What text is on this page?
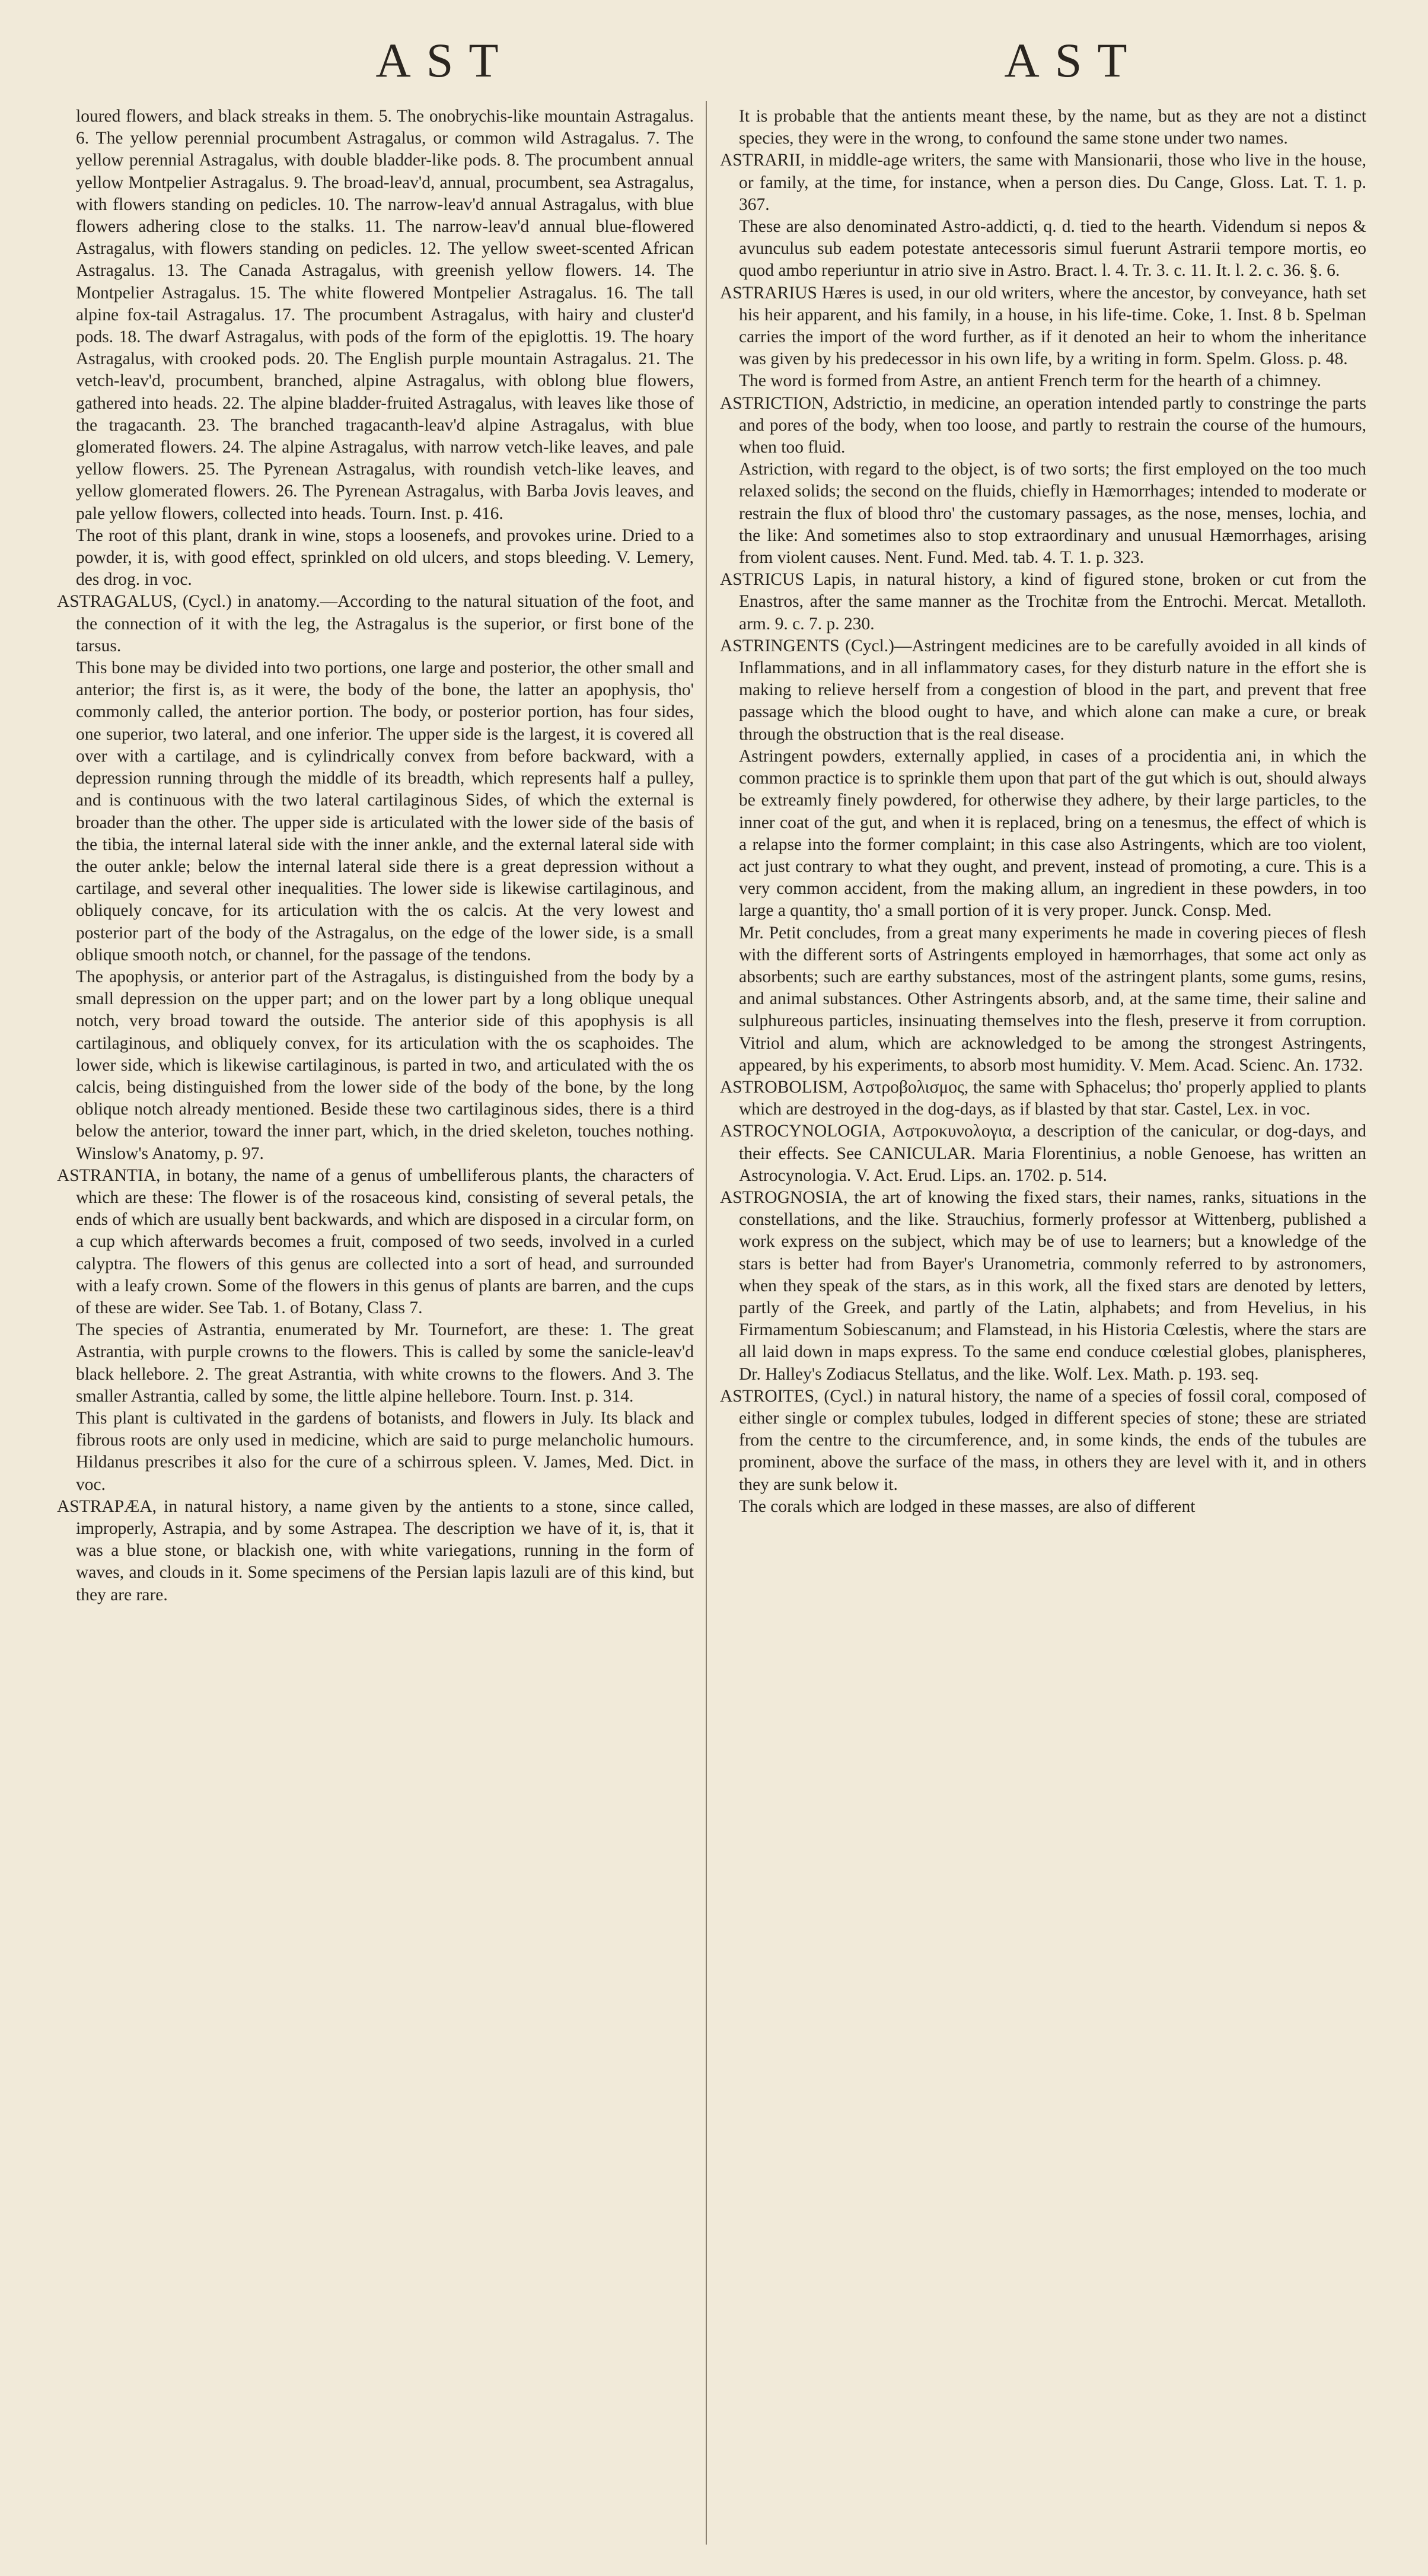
AST	AST

loured flowers, and black streaks in them. 5. The onobrychis-like mountain Astragalus. 6. The yellow perennial procumbent Astragalus, or common wild Astragalus. 7. The yellow perennial Astragalus, with double bladder-like pods. 8. The procumbent annual yellow Montpelier Astragalus. 9. The broad-leav'd, annual, procumbent, sea Astragalus, with flowers standing on pedicles. 10. The narrow-leav'd annual Astragalus, with blue flowers adhering close to the stalks. 11. The narrow-leav'd annual blue-flowered Astragalus, with flowers standing on pedicles. 12. The yellow sweet-scented African Astragalus. 13. The Canada Astragalus, with greenish yellow flowers. 14. The Montpelier Astragalus. 15. The white flowered Montpelier Astragalus. 16. The tall alpine fox-tail Astragalus. 17. The procumbent Astragalus, with hairy and cluster'd pods. 18. The dwarf Astragalus, with pods of the form of the epiglottis. 19. The hoary Astragalus, with crooked pods. 20. The English purple mountain Astragalus. 21. The vetch-leav'd, procumbent, branched, alpine Astragalus, with oblong blue flowers, gathered into heads. 22. The alpine bladder-fruited Astragalus, with leaves like those of the tragacanth. 23. The branched tragacanth-leav'd alpine Astragalus, with blue glomerated flowers. 24. The alpine Astragalus, with narrow vetch-like leaves, and pale yellow flowers. 25. The Pyrenean Astragalus, with roundish vetch-like leaves, and yellow glomerated flowers. 26. The Pyrenean Astragalus, with Barba Jovis leaves, and pale yellow flowers, collected into heads. Tourn. Inst. p. 416.

The root of this plant, drank in wine, stops a loosenefs, and provokes urine. Dried to a powder, it is, with good effect, sprinkled on old ulcers, and stops bleeding. V. Lemery, des drog. in voc.

ASTRAGALUS, (Cycl.) in anatomy.—According to the natural situation of the foot, and the connection of it with the leg, the Astragalus is the superior, or first bone of the tarsus.

This bone may be divided into two portions, one large and posterior, the other small and anterior; the first is, as it were, the body of the bone, the latter an apophysis, tho' commonly called, the anterior portion. The body, or posterior portion, has four sides, one superior, two lateral, and one inferior. The upper side is the largest, it is covered all over with a cartilage, and is cylindrically convex from before backward, with a depression running through the middle of its breadth, which represents half a pulley, and is continuous with the two lateral cartilaginous Sides, of which the external is broader than the other. The upper side is articulated with the lower side of the basis of the tibia, the internal lateral side with the inner ankle, and the external lateral side with the outer ankle; below the internal lateral side there is a great depression without a cartilage, and several other inequalities. The lower side is likewise cartilaginous, and obliquely concave, for its articulation with the os calcis. At the very lowest and posterior part of the body of the Astragalus, on the edge of the lower side, is a small oblique smooth notch, or channel, for the passage of the tendons.

The apophysis, or anterior part of the Astragalus, is distinguished from the body by a small depression on the upper part; and on the lower part by a long oblique unequal notch, very broad toward the outside. The anterior side of this apophysis is all cartilaginous, and obliquely convex, for its articulation with the os scaphoides. The lower side, which is likewise cartilaginous, is parted in two, and articulated with the os calcis, being distinguished from the lower side of the body of the bone, by the long oblique notch already mentioned. Beside these two cartilaginous sides, there is a third below the anterior, toward the inner part, which, in the dried skeleton, touches nothing. Winslow's Anatomy, p. 97.

ASTRANTIA, in botany, the name of a genus of umbelliferous plants, the characters of which are these: The flower is of the rosaceous kind, consisting of several petals, the ends of which are usually bent backwards, and which are disposed in a circular form, on a cup which afterwards becomes a fruit, composed of two seeds, involved in a curled calyptra. The flowers of this genus are collected into a sort of head, and surrounded with a leafy crown. Some of the flowers in this genus of plants are barren, and the cups of these are wider. See Tab. 1. of Botany, Class 7.

The species of Astrantia, enumerated by Mr. Tournefort, are these: 1. The great Astrantia, with purple crowns to the flowers. This is called by some the sanicle-leav'd black hellebore. 2. The great Astrantia, with white crowns to the flowers. And 3. The smaller Astrantia, called by some, the little alpine hellebore. Tourn. Inst. p. 314.

This plant is cultivated in the gardens of botanists, and flowers in July. Its black and fibrous roots are only used in medicine, which are said to purge melancholic humours. Hildanus prescribes it also for the cure of a schirrous spleen. V. James, Med. Dict. in voc.

ASTRAPÆA, in natural history, a name given by the antients to a stone, since called, improperly, Astrapia, and by some Astrapea. The description we have of it, is, that it was a blue stone, or blackish one, with white variegations, running in the form of waves, and clouds in it. Some specimens of the Persian lapis lazuli are of this kind, but they are rare.

It is probable that the antients meant these, by the name, but as they are not a distinct species, they were in the wrong, to confound the same stone under two names.

ASTRARII, in middle-age writers, the same with Mansionarii, those who live in the house, or family, at the time, for instance, when a person dies. Du Cange, Gloss. Lat. T. 1. p. 367.

These are also denominated Astro-addicti, q. d. tied to the hearth. Videndum si nepos & avunculus sub eadem potestate antecessoris simul fuerunt Astrarii tempore mortis, eo quod ambo reperiuntur in atrio sive in Astro. Bract. l. 4. Tr. 3. c. 11. It. l. 2. c. 36. §. 6.

ASTRARIUS Hæres is used, in our old writers, where the ancestor, by conveyance, hath set his heir apparent, and his family, in a house, in his life-time. Coke, 1. Inst. 8 b. Spelman carries the import of the word further, as if it denoted an heir to whom the inheritance was given by his predecessor in his own life, by a writing in form. Spelm. Gloss. p. 48.

The word is formed from Astre, an antient French term for the hearth of a chimney.

ASTRICTION, Adstrictio, in medicine, an operation intended partly to constringe the parts and pores of the body, when too loose, and partly to restrain the course of the humours, when too fluid.

Astriction, with regard to the object, is of two sorts; the first employed on the too much relaxed solids; the second on the fluids, chiefly in Hæmorrhages; intended to moderate or restrain the flux of blood thro' the customary passages, as the nose, menses, lochia, and the like: And sometimes also to stop extraordinary and unusual Hæmorrhages, arising from violent causes. Nent. Fund. Med. tab. 4. T. 1. p. 323.

ASTRICUS Lapis, in natural history, a kind of figured stone, broken or cut from the Enastros, after the same manner as the Trochitæ from the Entrochi. Mercat. Metalloth. arm. 9. c. 7. p. 230.

ASTRINGENTS (Cycl.)—Astringent medicines are to be carefully avoided in all kinds of Inflammations, and in all inflammatory cases, for they disturb nature in the effort she is making to relieve herself from a congestion of blood in the part, and prevent that free passage which the blood ought to have, and which alone can make a cure, or break through the obstruction that is the real disease.

Astringent powders, externally applied, in cases of a procidentia ani, in which the common practice is to sprinkle them upon that part of the gut which is out, should always be extreamly finely powdered, for otherwise they adhere, by their large particles, to the inner coat of the gut, and when it is replaced, bring on a tenesmus, the effect of which is a relapse into the former complaint; in this case also Astringents, which are too violent, act just contrary to what they ought, and prevent, instead of promoting, a cure. This is a very common accident, from the making allum, an ingredient in these powders, in too large a quantity, tho' a small portion of it is very proper. Junck. Consp. Med.

Mr. Petit concludes, from a great many experiments he made in covering pieces of flesh with the different sorts of Astringents employed in hæmorrhages, that some act only as absorbents; such are earthy substances, most of the astringent plants, some gums, resins, and animal substances. Other Astringents absorb, and, at the same time, their saline and sulphureous particles, insinuating themselves into the flesh, preserve it from corruption. Vitriol and alum, which are acknowledged to be among the strongest Astringents, appeared, by his experiments, to absorb most humidity. V. Mem. Acad. Scienc. An. 1732.

ASTROBOLISM, Αστροβολισμος, the same with Sphacelus; tho' properly applied to plants which are destroyed in the dog-days, as if blasted by that star. Castel, Lex. in voc.

ASTROCYNOLOGIA, Αστροκυνολογια, a description of the canicular, or dog-days, and their effects. See CANICULAR. Maria Florentinius, a noble Genoese, has written an Astrocynologia. V. Act. Erud. Lips. an. 1702. p. 514.

ASTROGNOSIA, the art of knowing the fixed stars, their names, ranks, situations in the constellations, and the like. Strauchius, formerly professor at Wittenberg, published a work express on the subject, which may be of use to learners; but a knowledge of the stars is better had from Bayer's Uranometria, commonly referred to by astronomers, when they speak of the stars, as in this work, all the fixed stars are denoted by letters, partly of the Greek, and partly of the Latin, alphabets; and from Hevelius, in his Firmamentum Sobiescanum; and Flamstead, in his Historia Cœlestis, where the stars are all laid down in maps express. To the same end conduce cœlestial globes, planispheres, Dr. Halley's Zodiacus Stellatus, and the like. Wolf. Lex. Math. p. 193. seq.

ASTROITES, (Cycl.) in natural history, the name of a species of fossil coral, composed of either single or complex tubules, lodged in different species of stone; these are striated from the centre to the circumference, and, in some kinds, the ends of the tubules are prominent, above the surface of the mass, in others they are level with it, and in others they are sunk below it.

The corals which are lodged in these masses, are also of different
